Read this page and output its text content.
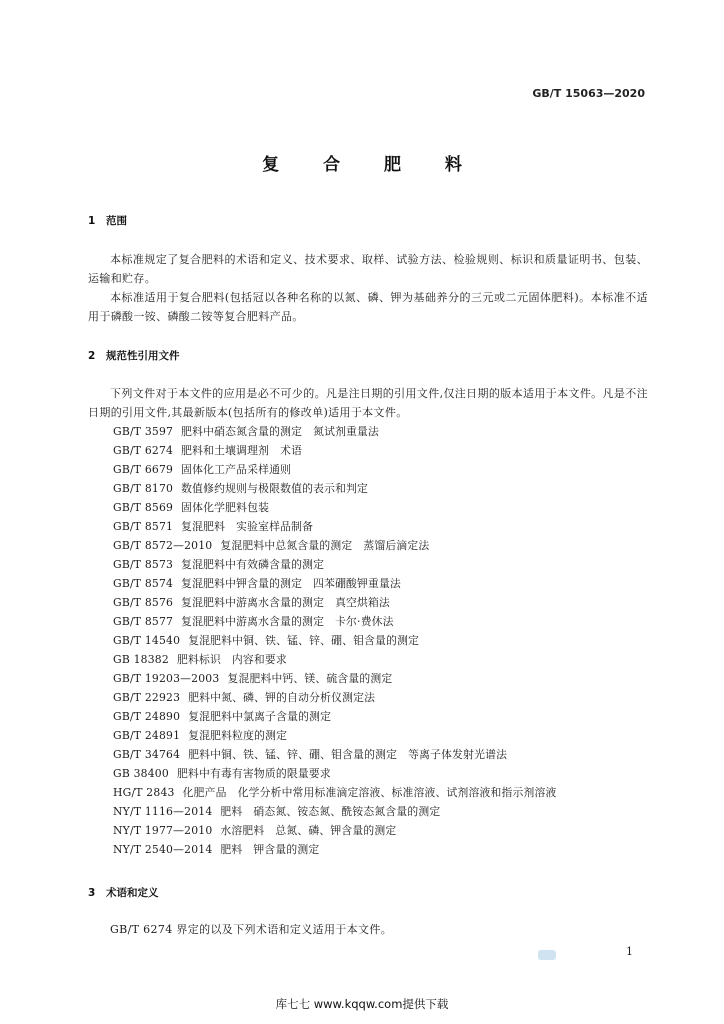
GB/T 15063—2020
复 合 肥 料
1 范围
本标准规定了复合肥料的术语和定义、技术要求、取样、试验方法、检验规则、标识和质量证明书、包装、运输和贮存。
本标准适用于复合肥料(包括冠以各种名称的以氮、磷、钾为基础养分的三元或二元固体肥料)。本标准不适用于磷酸一铵、磷酸二铵等复合肥料产品。
2 规范性引用文件
下列文件对于本文件的应用是必不可少的。凡是注日期的引用文件,仅注日期的版本适用于本文件。凡是不注日期的引用文件,其最新版本(包括所有的修改单)适用于本文件。
GB/T 3597 肥料中硝态氮含量的测定　氮试剂重量法
GB/T 6274 肥料和土壤调理剂　术语
GB/T 6679 固体化工产品采样通则
GB/T 8170 数值修约规则与极限数值的表示和判定
GB/T 8569 固体化学肥料包装
GB/T 8571 复混肥料　实验室样品制备
GB/T 8572—2010 复混肥料中总氮含量的测定　蒸馏后滴定法
GB/T 8573 复混肥料中有效磷含量的测定
GB/T 8574 复混肥料中钾含量的测定　四苯硼酸钾重量法
GB/T 8576 复混肥料中游离水含量的测定　真空烘箱法
GB/T 8577 复混肥料中游离水含量的测定　卡尔·费休法
GB/T 14540 复混肥料中铜、铁、锰、锌、硼、钼含量的测定
GB 18382 肥料标识　内容和要求
GB/T 19203—2003 复混肥料中钙、镁、硫含量的测定
GB/T 22923 肥料中氮、磷、钾的自动分析仪测定法
GB/T 24890 复混肥料中氯离子含量的测定
GB/T 24891 复混肥料粒度的测定
GB/T 34764 肥料中铜、铁、锰、锌、硼、钼含量的测定　等离子体发射光谱法
GB 38400 肥料中有毒有害物质的限量要求
HG/T 2843 化肥产品　化学分析中常用标准滴定溶液、标准溶液、试剂溶液和指示剂溶液
NY/T 1116—2014 肥料　硝态氮、铵态氮、酰铵态氮含量的测定
NY/T 1977—2010 水溶肥料　总氮、磷、钾含量的测定
NY/T 2540—2014 肥料　钾含量的测定
3 术语和定义
GB/T 6274 界定的以及下列术语和定义适用于本文件。
1
库七七 www.kqqw.com提供下载
